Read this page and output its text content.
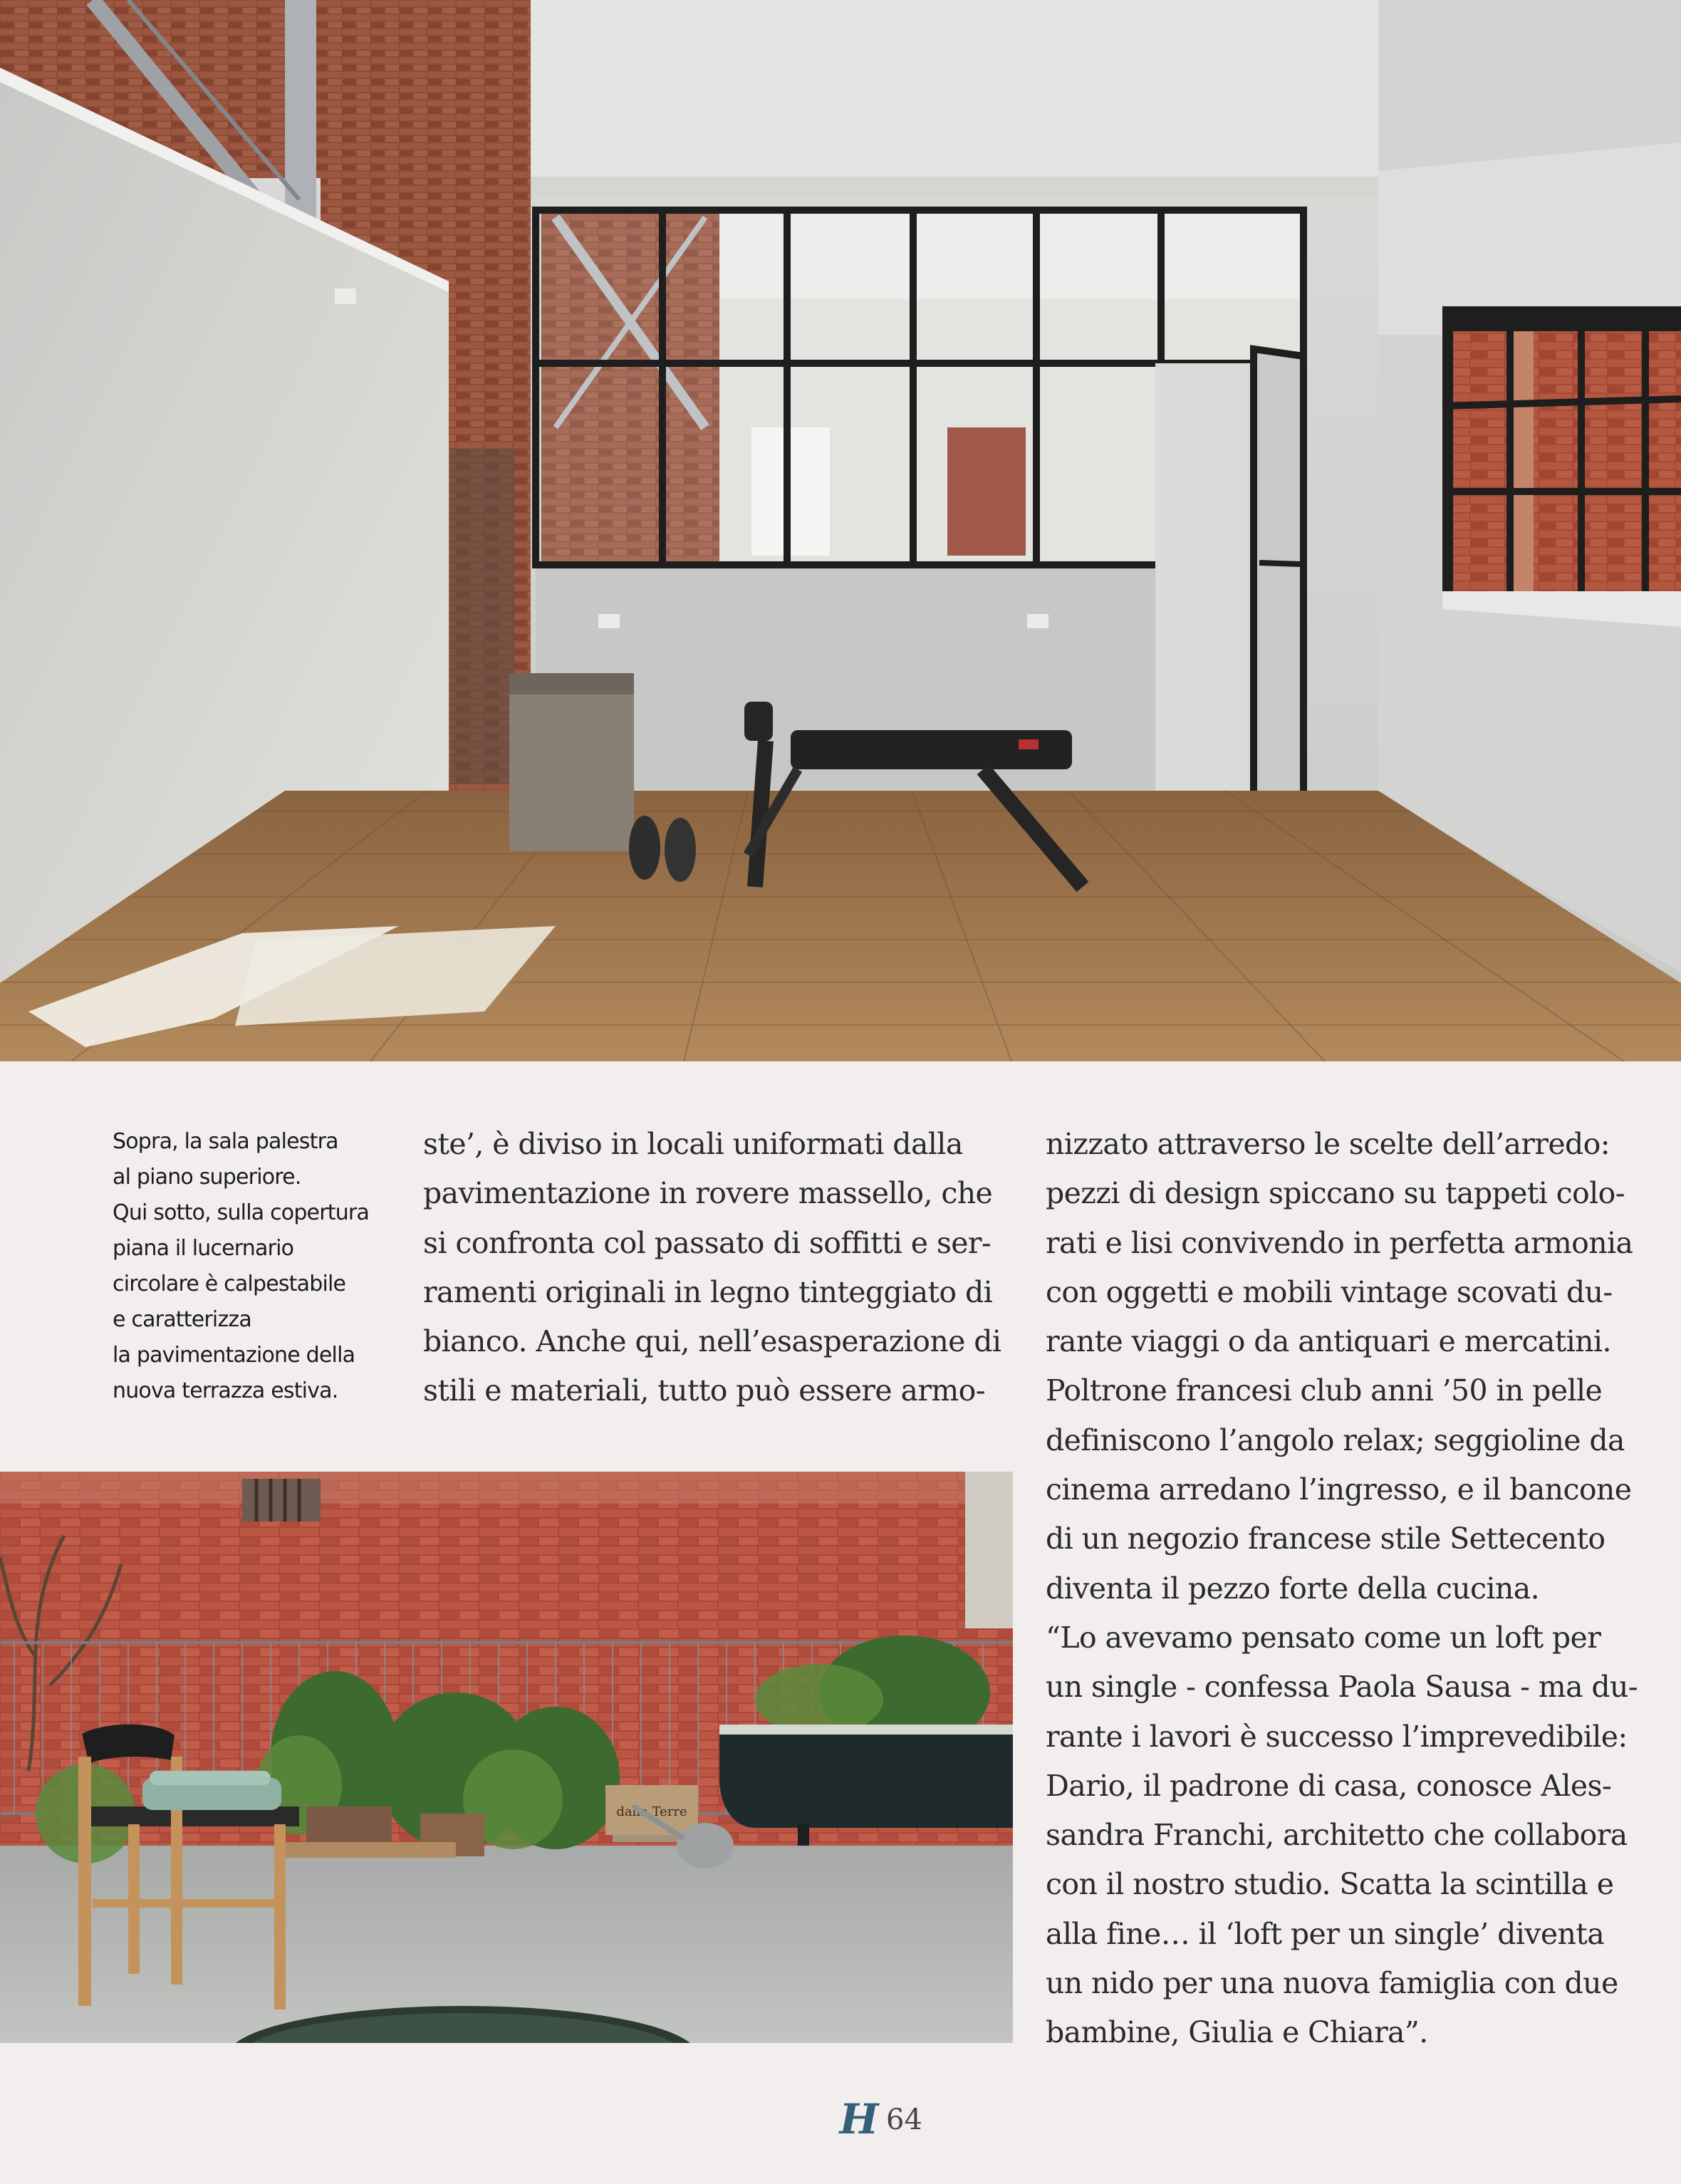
Sopra, la sala palestra
al piano superiore.
Qui sotto, sulla copertura
piana il lucernario
circolare è calpestabile
e caratterizza
la pavimentazione della
nuova terrazza estiva.
ste’, è diviso in locali uniformati dalla
pavimentazione in rovere massello, che
si confronta col passato di soffitti e ser-
ramenti originali in legno tinteggiato di
bianco. Anche qui, nell’esasperazione di
stili e materiali, tutto può essere armo-
nizzato attraverso le scelte dell’arredo:
pezzi di design spiccano su tappeti colo-
rati e lisi convivendo in perfetta armonia
con oggetti e mobili vintage scovati du-
rante viaggi o da antiquari e mercatini.
Poltrone francesi club anni ’50 in pelle
definiscono l’angolo relax; seggioline da
cinema arredano l’ingresso, e il bancone
di un negozio francese stile Settecento
diventa il pezzo forte della cucina.
“Lo avevamo pensato come un loft per
un single - confessa Paola Sausa - ma du-
rante i lavori è successo l’imprevedibile:
Dario, il padrone di casa, conosce Ales-
sandra Franchi, architetto che collabora
con il nostro studio. Scatta la scintilla e
alla fine… il ‘loft per un single’ diventa
un nido per una nuova famiglia con due
bambine, Giulia e Chiara”.
dalla Terre
H 64
